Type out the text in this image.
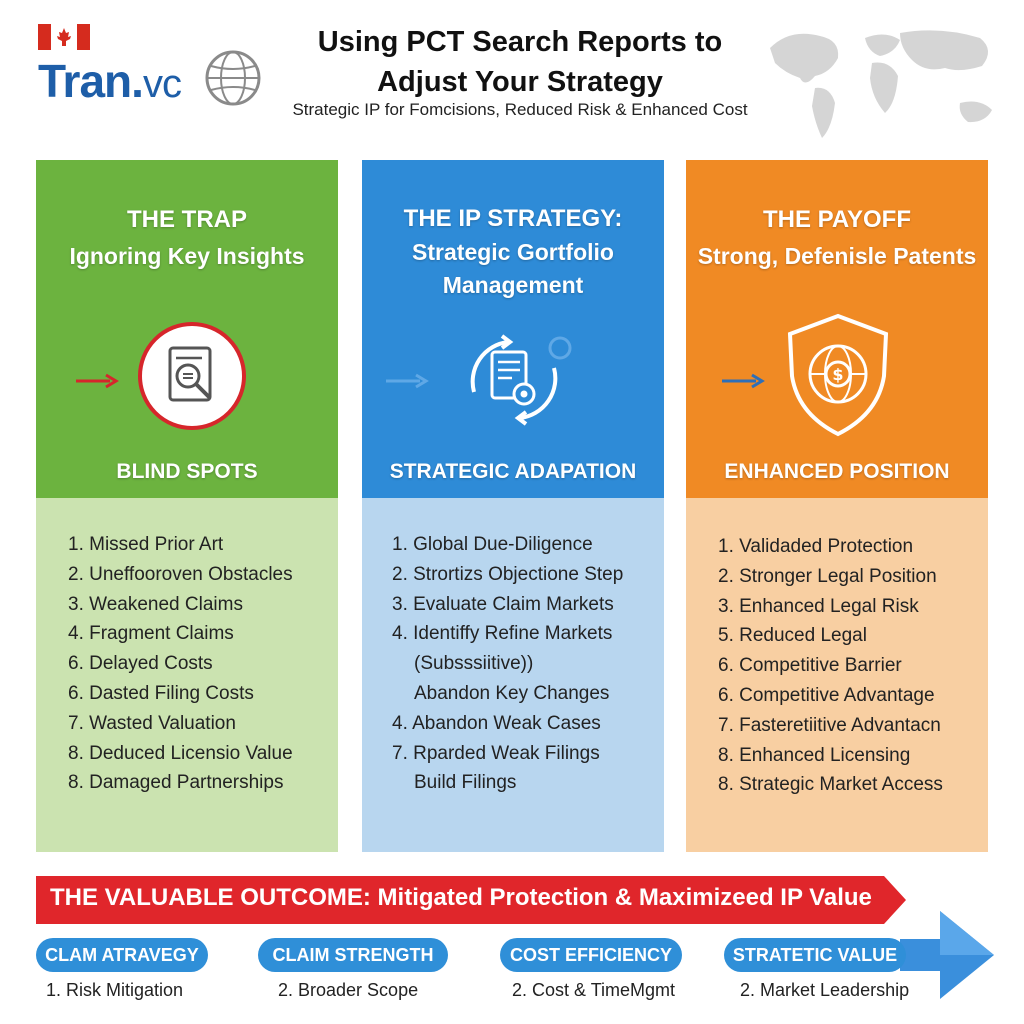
Tran.vc
Using PCT Search Reports to
Adjust Your Strategy
Strategic IP for Fomcisions, Reduced Risk & Enhanced Cost
THE TRAP
Ignoring Key Insights
BLIND SPOTS
1. Missed Prior Art
2. Uneffooroven Obstacles
3. Weakened Claims
4. Fragment Claims
6. Delayed Costs
6. Dasted Filing Costs
7. Wasted Valuation
8. Deduced Licensio Value
8. Damaged Partnerships
THE IP STRATEGY:
Strategic Gortfolio
Management
STRATEGIC ADAPATION
1. Global Due-Diligence
2. Strortizs Objectione Step
3. Evaluate Claim Markets
4. Identiffy Refine Markets
(Subsssiitive))
Abandon Key Changes
4. Abandon Weak Cases
7. Rparded Weak Filings
Build Filings
THE PAYOFF
Strong, Defenisle Patents
$
ENHANCED POSITION
1. Validaded Protection
2. Stronger Legal Position
3. Enhanced Legal Risk
5. Reduced Legal
6. Competitive Barrier
6. Competitive Advantage
7. Fasteretiitive Advantacn
8. Enhanced Licensing
8. Strategic Market Access
THE VALUABLE OUTCOME: Mitigated Protection & Maximizeed IP Value
CLAM ATRAVEGY
1. Risk Mitigation
CLAIM STRENGTH
2. Broader Scope
COST EFFICIENCY
2. Cost & TimeMgmt
STRATETIC VALUE
2. Market Leadership
